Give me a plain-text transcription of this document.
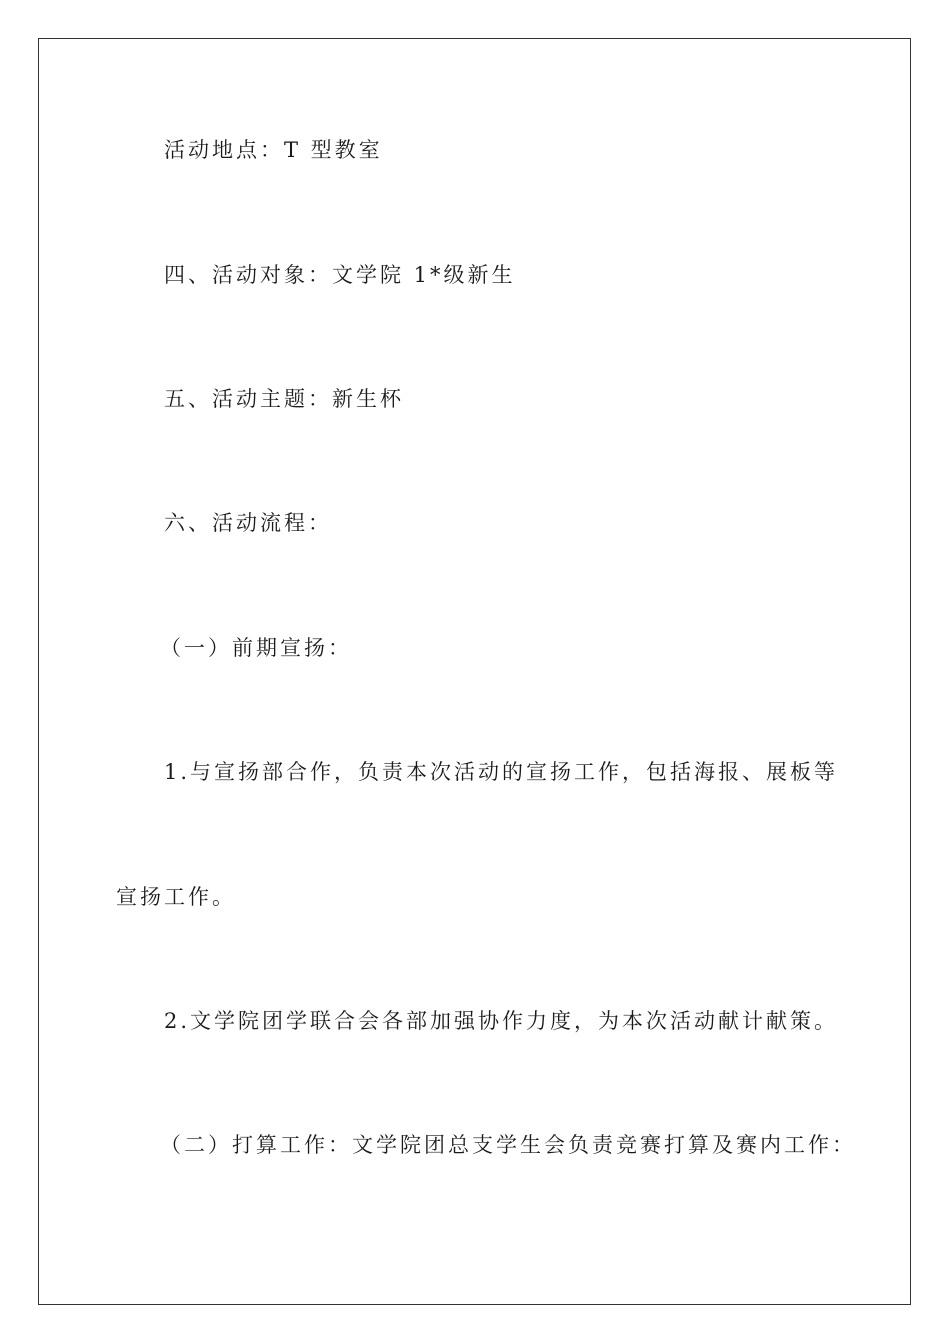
活动地点：T 型教室

四、活动对象：文学院 1*级新生

五、活动主题：新生杯

六、活动流程：

（一）前期宣扬：

1.与宣扬部合作，负责本次活动的宣扬工作，包括海报、展板等

宣扬工作。

2.文学院团学联合会各部加强协作力度，为本次活动献计献策。

（二）打算工作：文学院团总支学生会负责竞赛打算及赛内工作：
